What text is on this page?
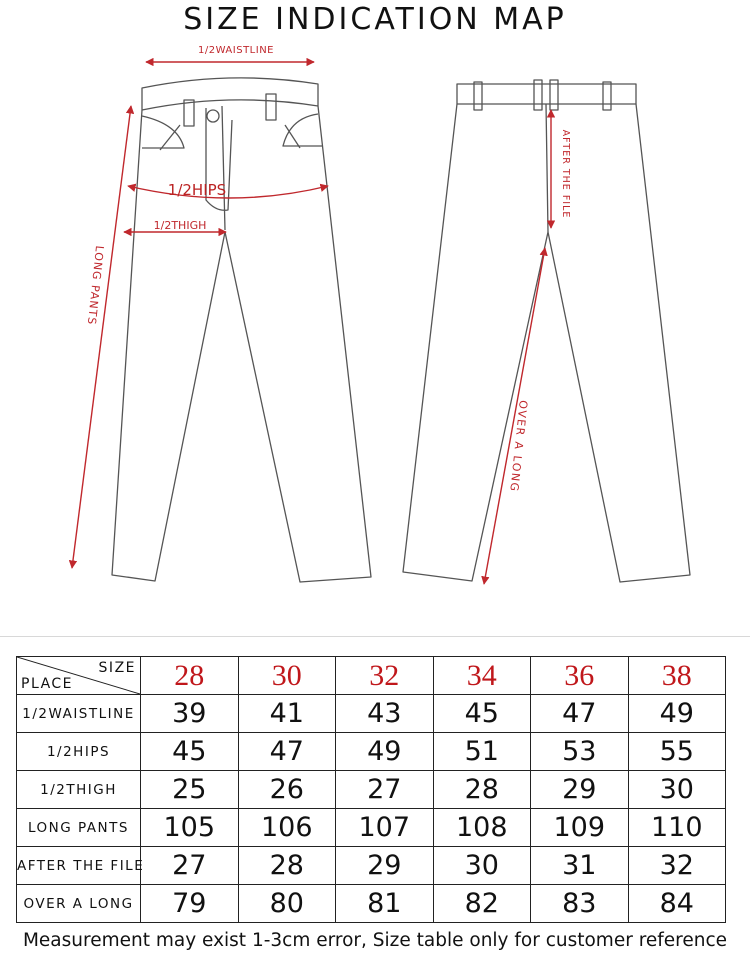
SIZE INDICATION MAP
1/2WAISTLINE
1/2HIPS
1/2THIGH
LONG PANTS
AFTER THE FILE
OVER A LONG
SIZE
PLACE	28	30	32	34	36	38
1/2WAISTLINE	39	41	43	45	47	49
1/2HIPS	45	47	49	51	53	55
1/2THIGH	25	26	27	28	29	30
LONG PANTS	105	106	107	108	109	110
AFTER THE FILE	27	28	29	30	31	32
OVER A LONG	79	80	81	82	83	84
Measurement may exist 1-3cm error, Size table only for customer reference
